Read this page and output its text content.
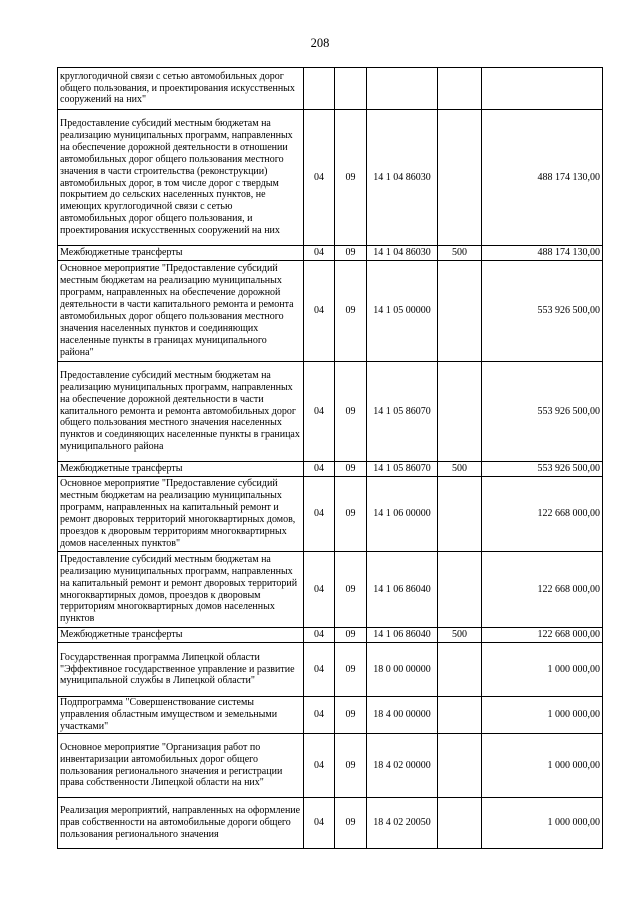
208
круглогодичной связи с сетью автомобильных дорог общего пользования, и проектирования искусственных сооружений на них"					
Предоставление субсидий местным бюджетам на реализацию муниципальных программ, направленных на обеспечение дорожной деятельности в отношении автомобильных дорог общего пользования местного значения в части строительства (реконструкции) автомобильных дорог, в том числе дорог с твердым покрытием до сельских населенных пунктов, не имеющих круглогодичной связи с сетью автомобильных дорог общего пользования, и проектирования искусственных сооружений на них	04	09	14 1 04 86030		488 174 130,00
Межбюджетные трансферты	04	09	14 1 04 86030	500	488 174 130,00
Основное мероприятие "Предоставление субсидий местным бюджетам на реализацию муниципальных программ, направленных на обеспечение дорожной деятельности в части капитального ремонта и ремонта автомобильных дорог общего пользования местного значения населенных пунктов и соединяющих населенные пункты в границах муниципального района"	04	09	14 1 05 00000		553 926 500,00
Предоставление субсидий местным бюджетам на реализацию муниципальных программ, направленных на обеспечение дорожной деятельности в части капитального ремонта и ремонта автомобильных дорог общего пользования местного значения населенных пунктов и соединяющих населенные пункты в границах муниципального района	04	09	14 1 05 86070		553 926 500,00
Межбюджетные трансферты	04	09	14 1 05 86070	500	553 926 500,00
Основное мероприятие "Предоставление субсидий местным бюджетам на реализацию муниципальных программ, направленных на капитальный ремонт и ремонт дворовых территорий многоквартирных домов, проездов к дворовым территориям многоквартирных домов населенных пунктов"	04	09	14 1 06 00000		122 668 000,00
Предоставление субсидий местным бюджетам на реализацию муниципальных программ, направленных на капитальный ремонт и ремонт дворовых территорий многоквартирных домов, проездов к дворовым территориям многоквартирных домов населенных пунктов	04	09	14 1 06 86040		122 668 000,00
Межбюджетные трансферты	04	09	14 1 06 86040	500	122 668 000,00
Государственная программа Липецкой области "Эффективное государственное управление и развитие муниципальной службы в Липецкой области"	04	09	18 0 00 00000		1 000 000,00
Подпрограмма "Совершенствование системы управления областным имуществом и земельными участками"	04	09	18 4 00 00000		1 000 000,00
Основное мероприятие "Организация работ по инвентаризации автомобильных дорог общего пользования регионального значения и регистрации права собственности Липецкой области на них"	04	09	18 4 02 00000		1 000 000,00
Реализация мероприятий, направленных на оформление прав собственности на автомобильные дороги общего пользования регионального значения	04	09	18 4 02 20050		1 000 000,00
